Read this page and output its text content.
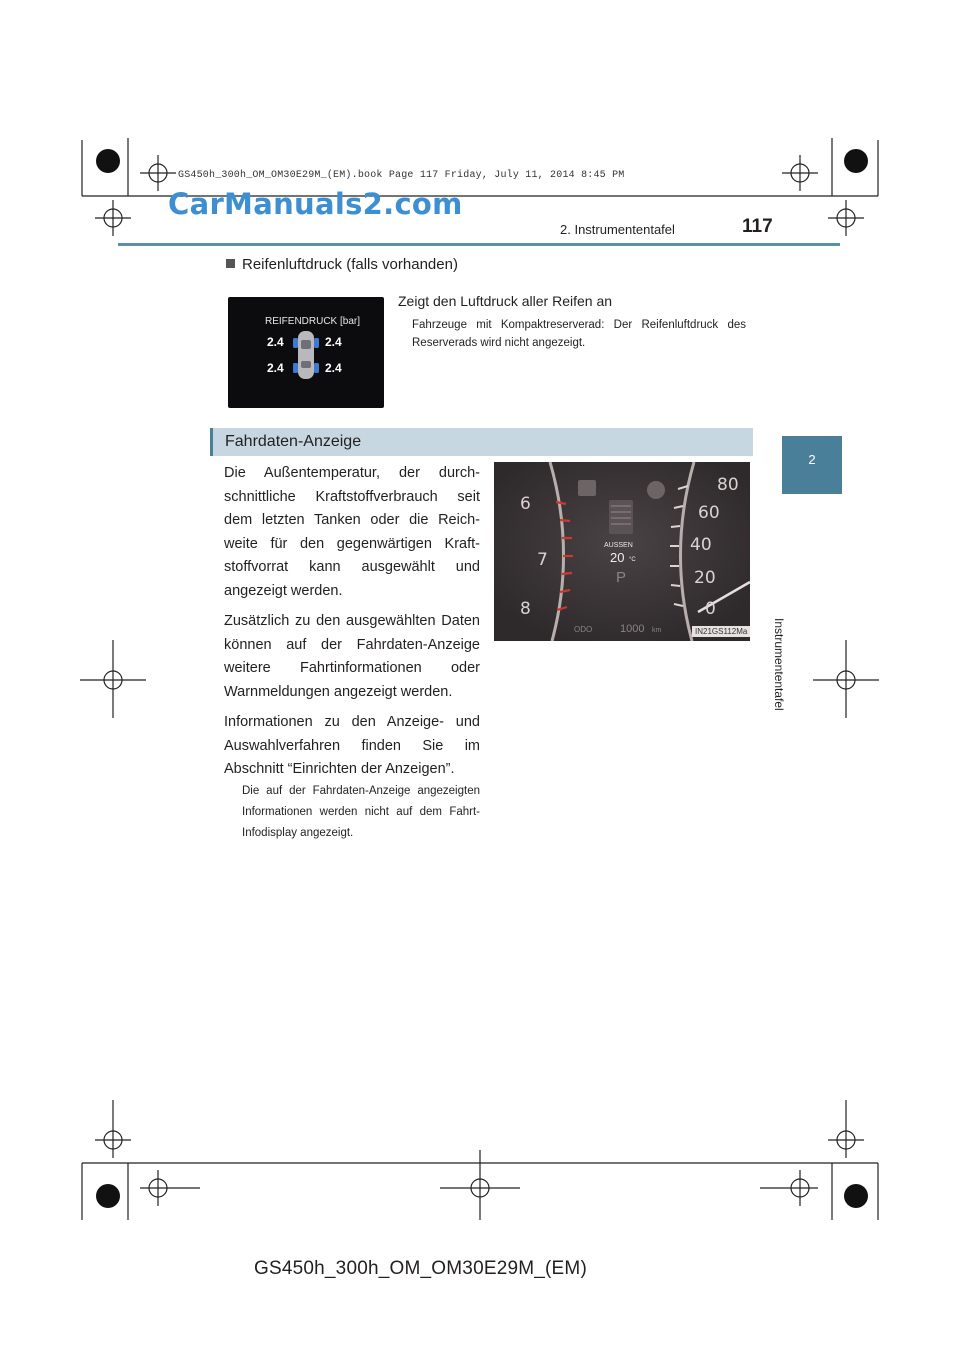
GS450h_300h_OM_OM30E29M_(EM).book Page 117 Friday, July 11, 2014 8:45 PM
CarManuals2.com
2. Instrumententafel	117
2
Instrumententafel
Reifenluftdruck (falls vorhanden)
REIFENDRUCK [bar]
2.4	2.4
2.4	2.4
Zeigt den Luftdruck aller Reifen an
Fahrzeuge mit Kompaktreserverad: Der Reifenluftdruck des Reserverads wird nicht angezeigt.
Fahrdaten-Anzeige

Die Außentemperatur, der durchschnittliche Kraftstoffverbrauch seit dem letzten Tanken oder die Reichweite für den gegenwärtigen Kraftstoffvorrat kann ausgewählt und angezeigt werden.

Zusätzlich zu den ausgewählten Daten können auf der Fahrdaten-Anzeige weitere Fahrtinformationen oder Warnmeldungen angezeigt werden.

Informationen zu den Anzeige- und Auswahlverfahren finden Sie im Abschnitt “Einrichten der Anzeigen”.

Die auf der Fahrdaten-Anzeige angezeigten Informationen werden nicht auf dem Fahrt-Infodisplay angezeigt.
6
7
8
80
60
40
20
0
AUSSEN
20 °C
P
ODO	1000 km	IN21GS112Ma
GS450h_300h_OM_OM30E29M_(EM)
